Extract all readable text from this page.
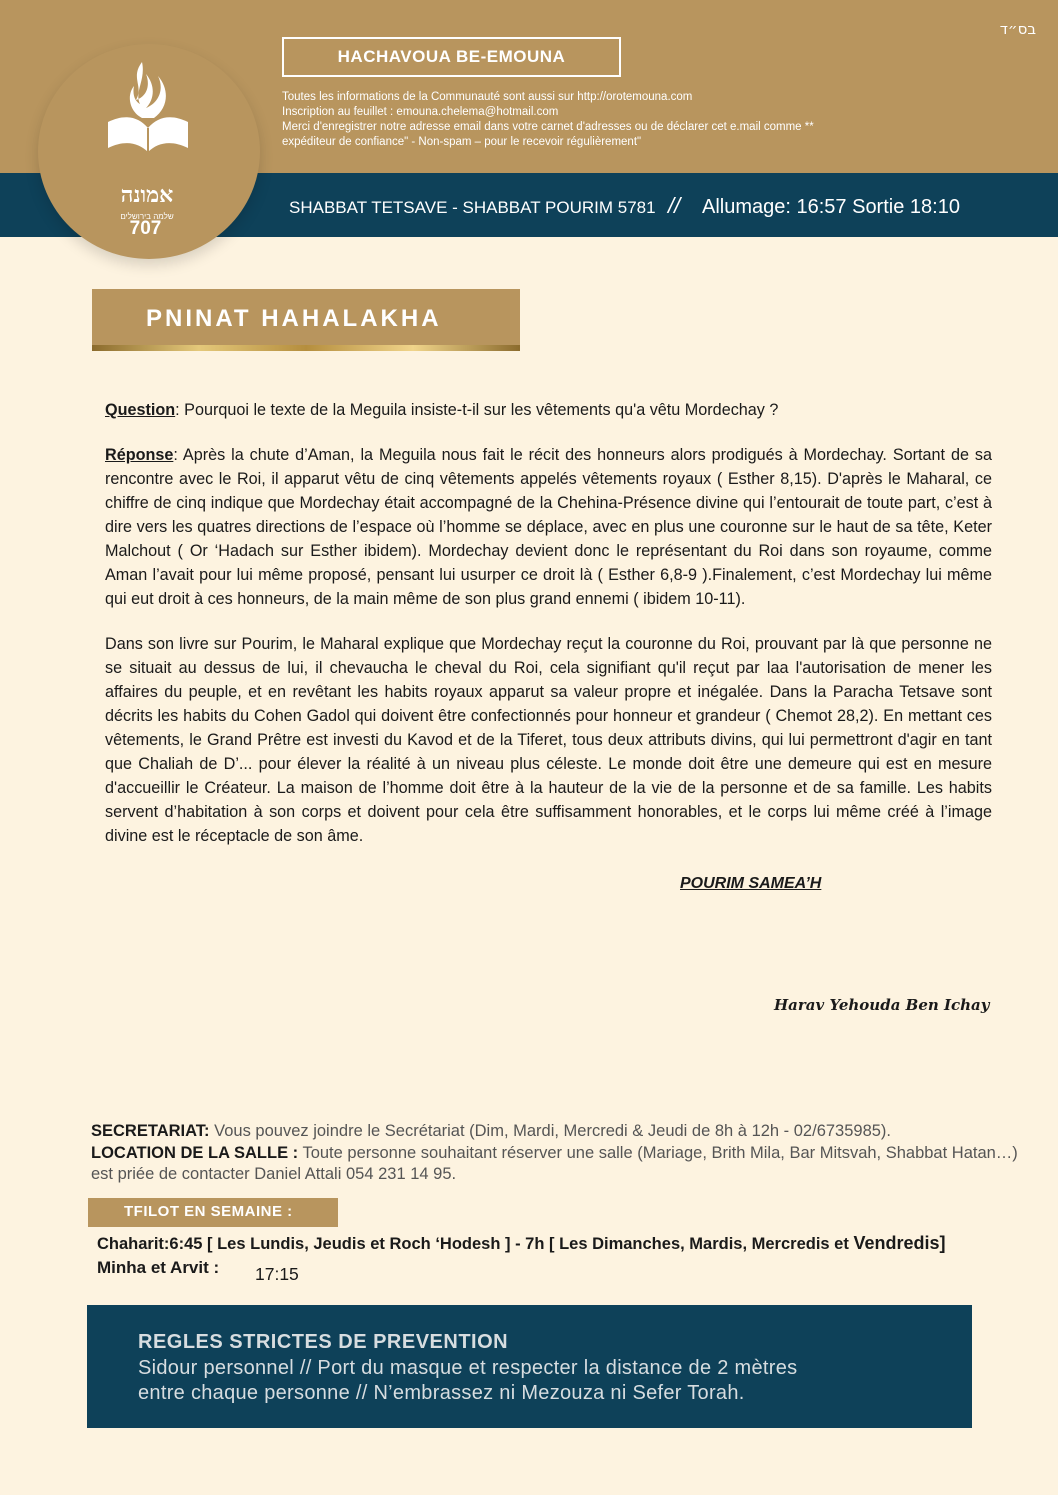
בס״ד
HACHAVOUA BE-EMOUNA
Toutes les informations de la Communauté sont aussi sur http://orotemouna.com
Inscription au feuillet : emouna.chelema@hotmail.com
Merci d'enregistrer notre adresse email dans votre carnet d'adresses ou de déclarer cet e.mail comme **
expéditeur de confiance" - Non-spam – pour le recevoir régulièrement"
SHABBAT TETSAVE - SHABBAT POURIM 5781 // Allumage: 16:57 Sortie 18:10
אמונה
שלמה בירושלים
707
PNINAT HAHALAKHA

Question: Pourquoi le texte de la Meguila insiste-t-il sur les vêtements qu'a vêtu Mordechay ?

Réponse: Après la chute d’Aman, la Meguila nous fait le récit des honneurs alors prodigués à Mordechay. Sortant de sa rencontre avec le Roi, il apparut vêtu de cinq vêtements appelés vêtements royaux ( Esther 8,15). D'après le Maharal, ce chiffre de cinq indique que Mordechay était accompagné de la Chehina-Présence divine qui l’entourait de toute part, c’est à dire vers les quatres directions de l’espace où l’homme se déplace, avec en plus une couronne sur le haut de sa tête, Keter Malchout ( Or ‘Hadach sur Esther ibidem). Mordechay devient donc le représentant du Roi dans son royaume, comme Aman l’avait pour lui même proposé, pensant lui usurper ce droit là ( Esther 6,8-9 ).Finalement, c’est Mordechay lui même qui eut droit à ces honneurs, de la main même de son plus grand ennemi ( ibidem 10-11).

Dans son livre sur Pourim, le Maharal explique que Mordechay reçut la couronne du Roi, prouvant par là que personne ne se situait au dessus de lui, il chevaucha le cheval du Roi, cela signifiant qu'il reçut par laa l'autorisation de mener les affaires du peuple, et en revêtant les habits royaux apparut sa valeur propre et inégalée. Dans la Paracha Tetsave sont décrits les habits du Cohen Gadol qui doivent être confectionnés pour honneur et grandeur ( Chemot 28,2). En mettant ces vêtements, le Grand Prêtre est investi du Kavod et de la Tiferet, tous deux attributs divins, qui lui permettront d'agir en tant que Chaliah de D’... pour élever la réalité à un niveau plus céleste. Le monde doit être une demeure qui est en mesure d'accueillir le Créateur. La maison de l’homme doit être à la hauteur de la vie de la personne et de sa famille. Les habits servent d’habitation à son corps et doivent pour cela être suffisamment honorables, et le corps lui même créé à l’image divine est le réceptacle de son âme.

POURIM SAMEA’H
Harav Yehouda Ben Ichay
SECRETARIAT: Vous pouvez joindre le Secrétariat (Dim, Mardi, Mercredi & Jeudi de 8h à 12h - 02/6735985).
LOCATION DE LA SALLE : Toute personne souhaitant réserver une salle (Mariage, Brith Mila, Bar Mitsvah, Shabbat Hatan…) est priée de contacter Daniel Attali 054 231 14 95.
TFILOT EN SEMAINE :
Chaharit:6:45 [ Les Lundis, Jeudis et Roch ‘Hodesh ] - 7h [ Les Dimanches, Mardis, Mercredis et Vendredis]
Minha et Arvit : 17:15
REGLES STRICTES DE PREVENTION
Sidour personnel // Port du masque et respecter la distance de 2 mètres
entre chaque personne // N’embrassez ni Mezouza ni Sefer Torah.
